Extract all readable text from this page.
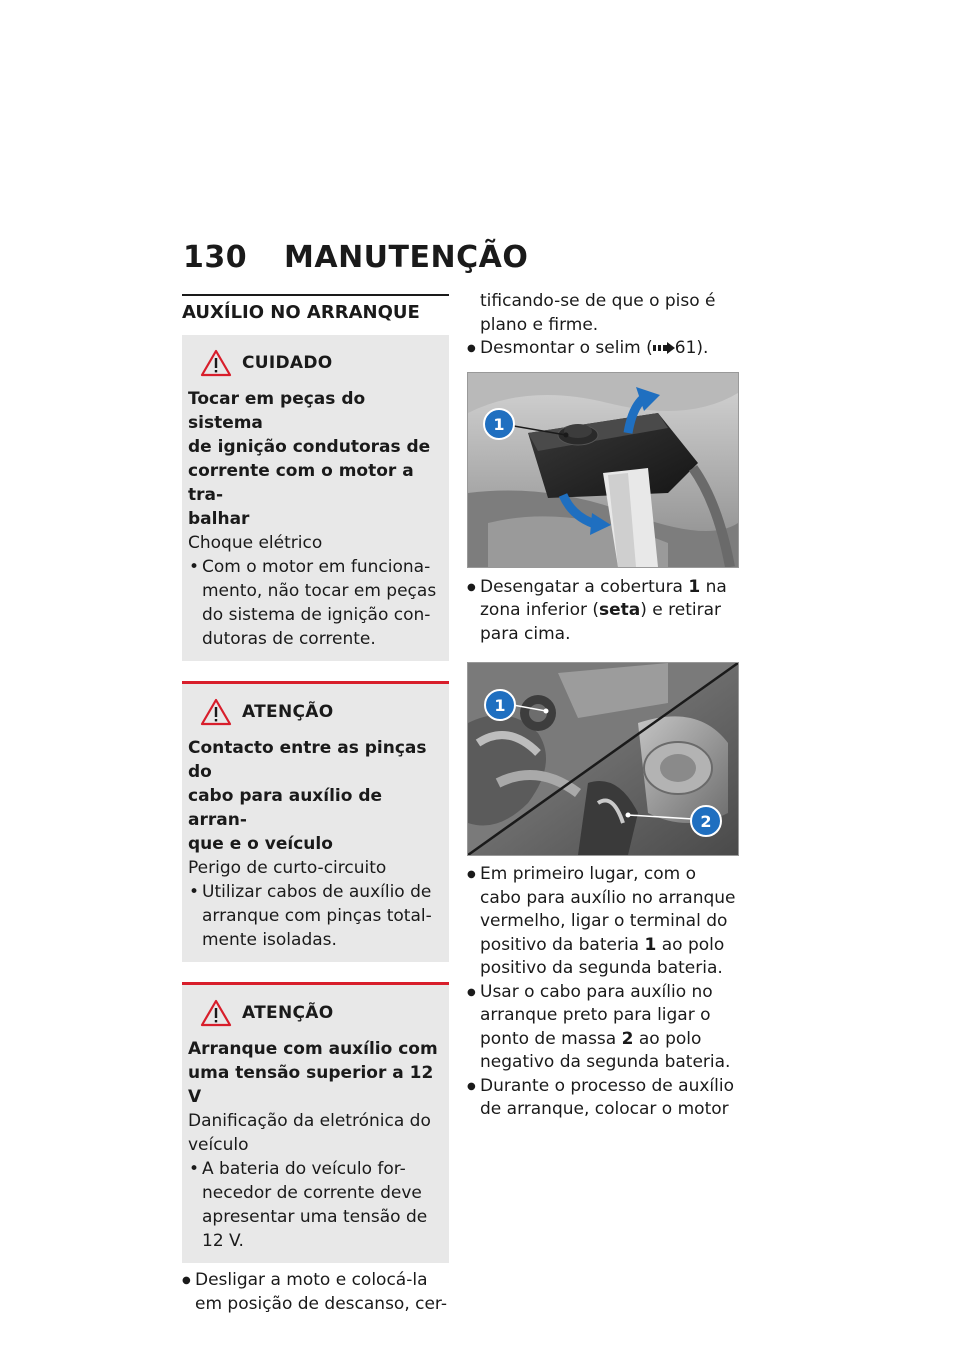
130 MANUTENÇÃO
AUXÍLIO NO ARRANQUE
CUIDADO
Tocar em peças do sistema
de ignição condutoras de
corrente com o motor a tra-
balhar
Choque elétrico
• Com o motor em funciona-
mento, não tocar em peças
do sistema de ignição con-
dutoras de corrente.
ATENÇÃO
Contacto entre as pinças do
cabo para auxílio de arran-
que e o veículo
Perigo de curto-circuito
• Utilizar cabos de auxílio de
arranque com pinças total-
mente isoladas.
ATENÇÃO
Arranque com auxílio com
uma tensão superior a 12 V
Danificação da eletrónica do
veículo
• A bateria do veículo for-
necedor de corrente deve
apresentar uma tensão de
12 V.
● Desligar a moto e colocá-la
em posição de descanso, cer-
tificando-se de que o piso é
plano e firme.
● Desmontar o selim ( 61).
1
● Desengatar a cobertura 1 na
zona inferior (seta) e retirar
para cima.
1
2
● Em primeiro lugar, com o
cabo para auxílio no arranque
vermelho, ligar o terminal do
positivo da bateria 1 ao polo
positivo da segunda bateria.
● Usar o cabo para auxílio no
arranque preto para ligar o
ponto de massa 2 ao polo
negativo da segunda bateria.
● Durante o processo de auxílio
de arranque, colocar o motor
